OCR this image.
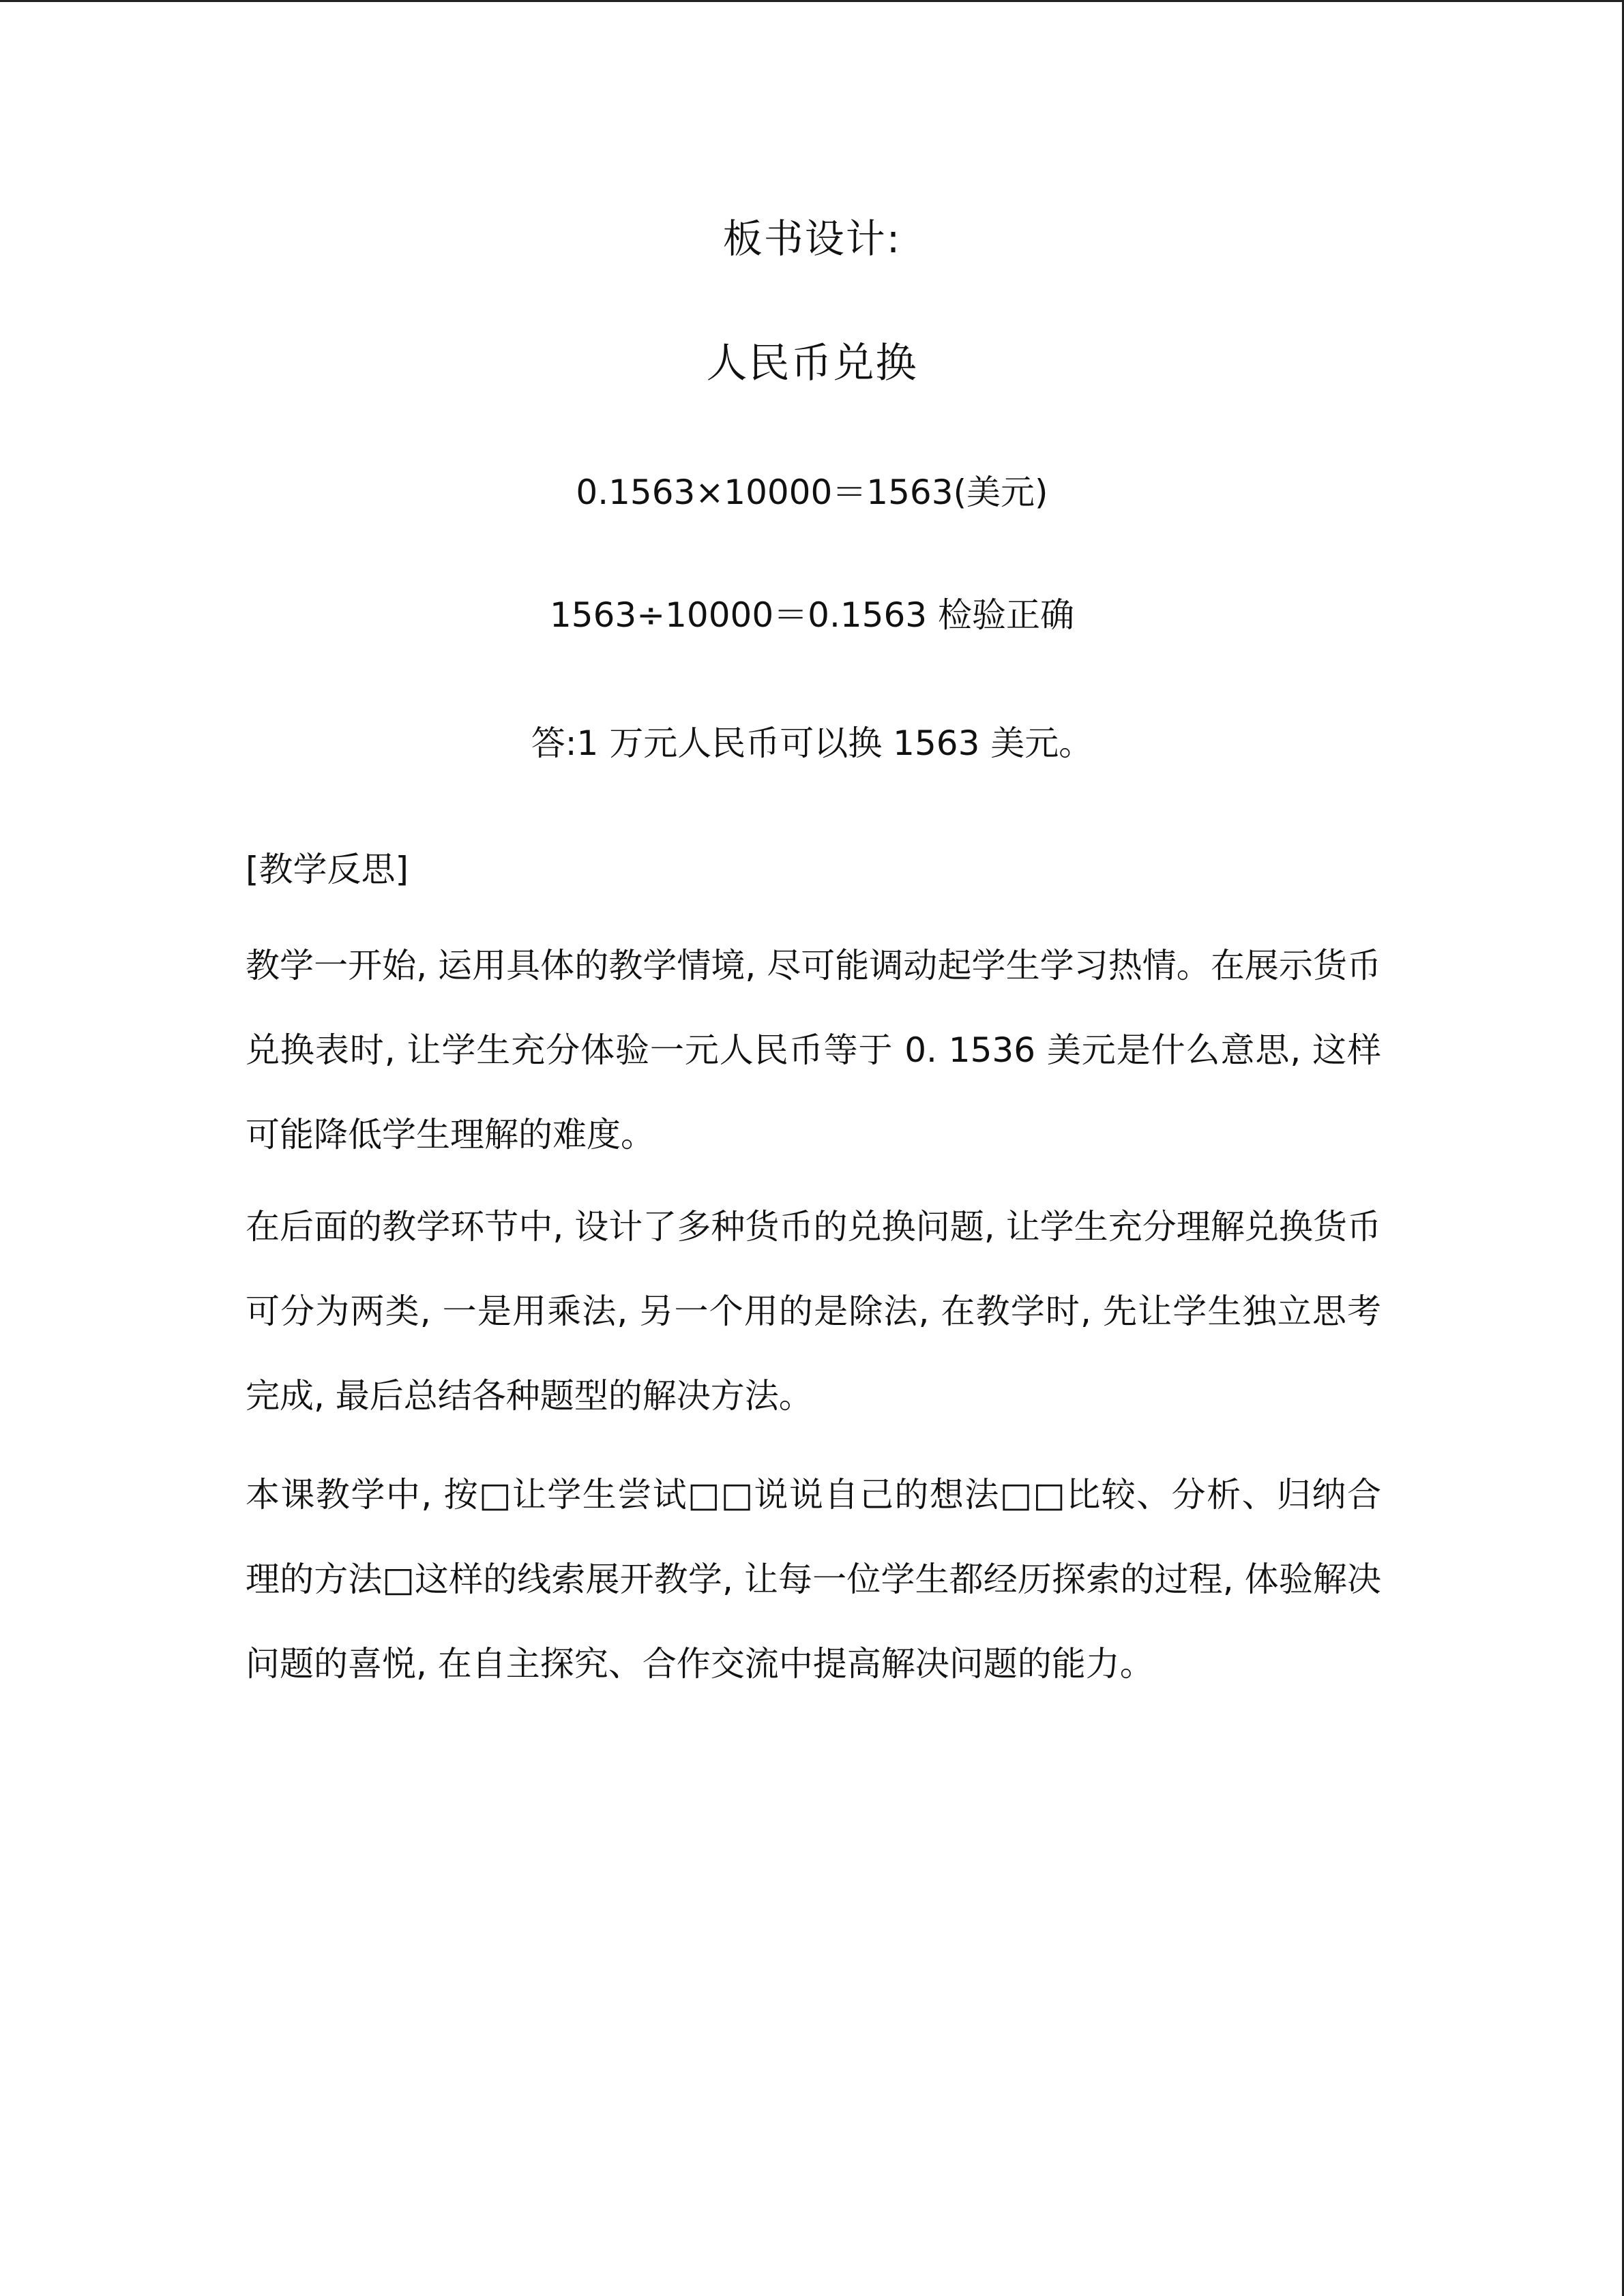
板书设计:
人民币兑换
0.1563×10000＝1563(美元)
1563÷10000＝0.1563 检验正确
答:1 万元人民币可以换 1563 美元。
[教学反思]

教学一开始, 运用具体的教学情境, 尽可能调动起学生学习热情。在展示货币兑换表时, 让学生充分体验一元人民币等于 0. 1536 美元是什么意思, 这样可能降低学生理解的难度。

在后面的教学环节中, 设计了多种货币的兑换问题, 让学生充分理解兑换货币可分为两类, 一是用乘法, 另一个用的是除法, 在教学时, 先让学生独立思考完成, 最后总结各种题型的解决方法。

本课教学中, 按□让学生尝试□□说说自己的想法□□比较、分析、归纳合理的方法□这样的线索展开教学, 让每一位学生都经历探索的过程, 体验解决问题的喜悦, 在自主探究、合作交流中提高解决问题的能力。
